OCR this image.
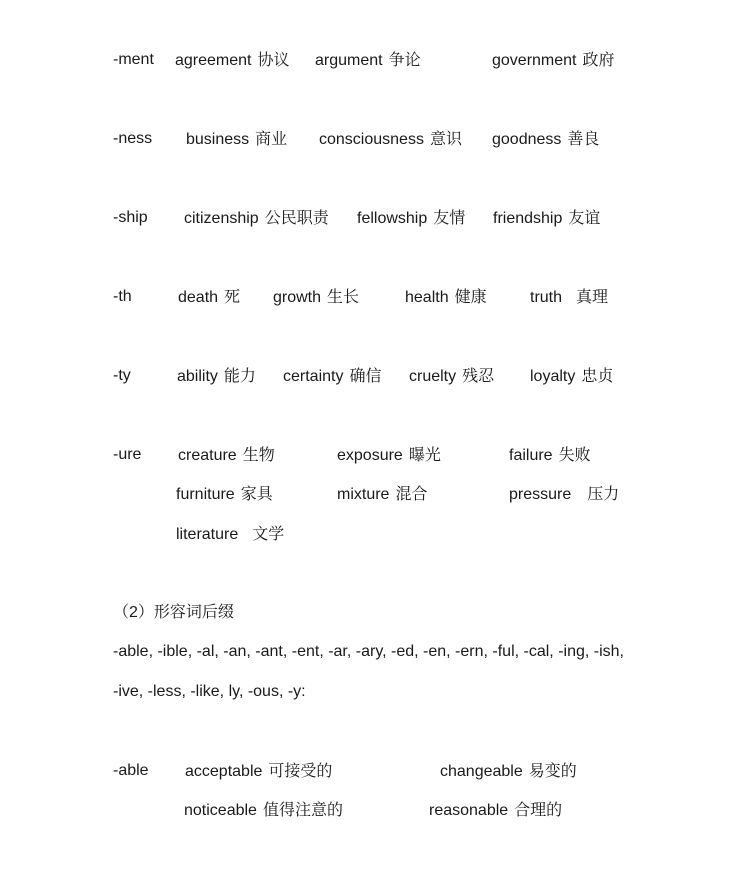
-ment agreement 协议 argument 争论	government 政府
-ness business 商业 consciousness 意识 goodness 善良
-ship citizenship 公民职责 fellowship 友情 friendship 友谊
-th	death 死 growth 生长	health 健康	truth 真理
-ty	ability 能力 certainty 确信 cruelty 残忍 loyalty 忠贞
-ure creature 生物	exposure 曝光	failure 失败
furniture 家具	mixture 混合	pressure 压力
literature 文学
（2）形容词后缀
-able, -ible, -al, -an, -ant, -ent, -ar, -ary, -ed, -en, -ern, -ful, -cal, -ing, -ish,
-ive, -less, -like, ly, -ous, -y:
-able acceptable 可接受的	changeable 易变的
noticeable 值得注意的	reasonable 合理的
